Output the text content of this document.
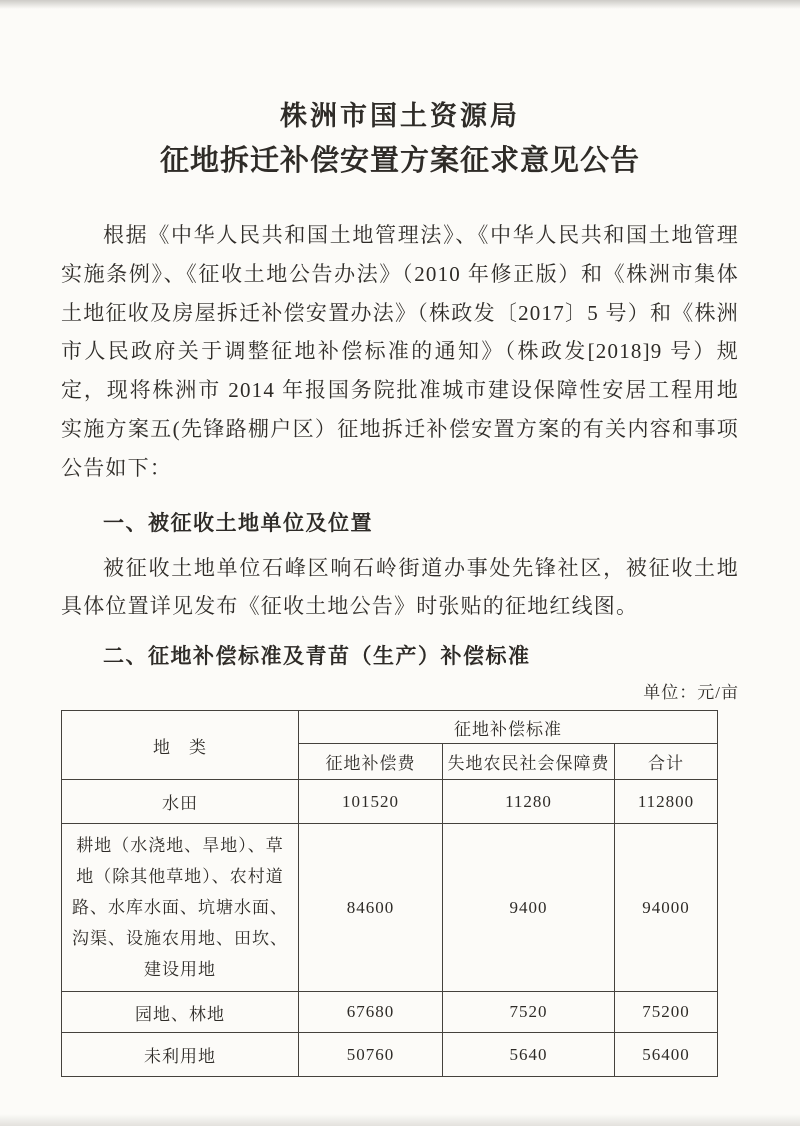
株洲市国土资源局
征地拆迁补偿安置方案征求意见公告

根据《中华人民共和国土地管理法》、《中华人民共和国土地管理实施条例》、《征收土地公告办法》（2010 年修正版）和《株洲市集体土地征收及房屋拆迁补偿安置办法》（株政发〔2017〕5 号）和《株洲市人民政府关于调整征地补偿标准的通知》（株政发[2018]9 号）规定，现将株洲市 2014 年报国务院批准城市建设保障性安居工程用地实施方案五(先锋路棚户区）征地拆迁补偿安置方案的有关内容和事项公告如下：

一、被征收土地单位及位置

被征收土地单位石峰区响石岭街道办事处先锋社区，被征收土地具体位置详见发布《征收土地公告》时张贴的征地红线图。

二、征地补偿标准及青苗（生产）补偿标准
单位：元/亩
地　类	征地补偿标准		
	征地补偿费	失地农民社会保障费	合计
水田	101520	11280	112800
耕地（水浇地、旱地）、草地（除其他草地）、农村道路、水库水面、坑塘水面、沟渠、设施农用地、田坎、建设用地	84600	9400	94000
园地、林地	67680	7520	75200
未利用地	50760	5640	56400
